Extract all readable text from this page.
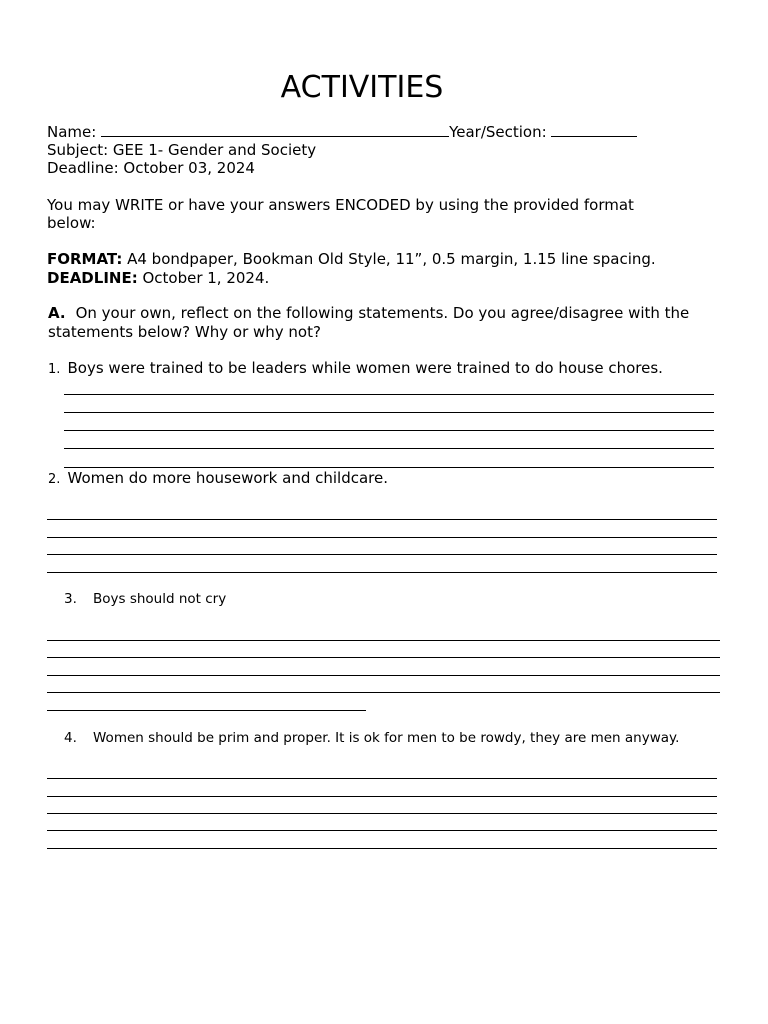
ACTIVITIES
Name:	Year/Section:
Subject: GEE 1- Gender and Society
Deadline: October 03, 2024
You may WRITE or have your answers ENCODED by using the provided format
below:
FORMAT: A4 bondpaper, Bookman Old Style, 11”, 0.5 margin, 1.15 line spacing.
DEADLINE: October 1, 2024.
A. On your own, reflect on the following statements. Do you agree/disagree with the
statements below? Why or why not?
1. Boys were trained to be leaders while women were trained to do house chores.
2. Women do more housework and childcare.
3. Boys should not cry
4. Women should be prim and proper. It is ok for men to be rowdy, they are men anyway.
